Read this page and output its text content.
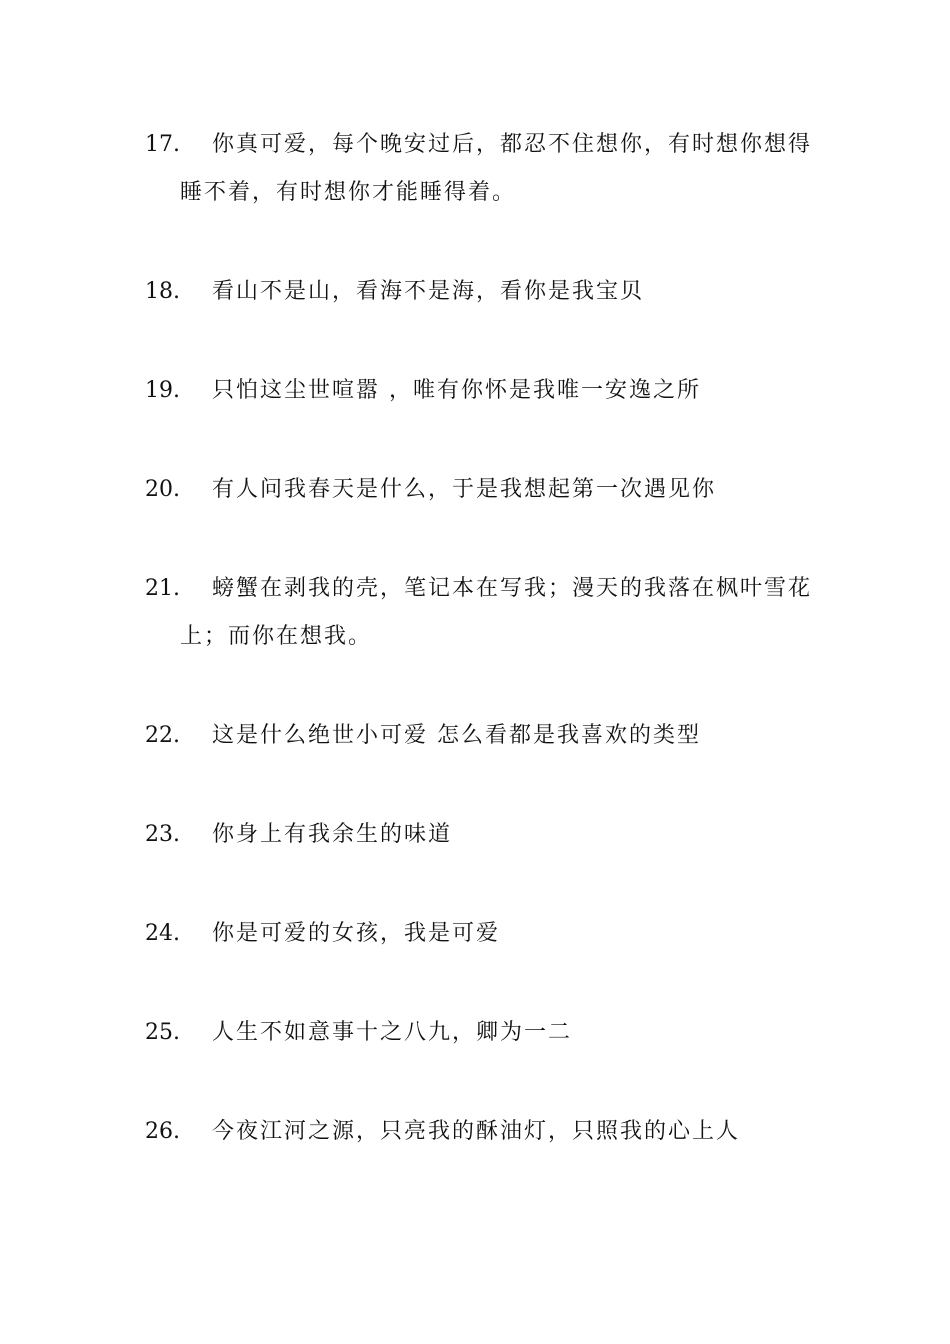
17.	你真可爱，每个晚安过后，都忍不住想你，有时想你想得睡不着，有时想你才能睡得着。
18.	看山不是山，看海不是海，看你是我宝贝
19.	只怕这尘世喧嚣 ，唯有你怀是我唯一安逸之所
20.	有人问我春天是什么，于是我想起第一次遇见你
21.	螃蟹在剥我的壳，笔记本在写我；漫天的我落在枫叶雪花上；而你在想我。
22.	这是什么绝世小可爱 怎么看都是我喜欢的类型
23.	你身上有我余生的味道
24.	你是可爱的女孩，我是可爱
25.	人生不如意事十之八九，卿为一二
26.	今夜江河之源，只亮我的酥油灯，只照我的心上人
